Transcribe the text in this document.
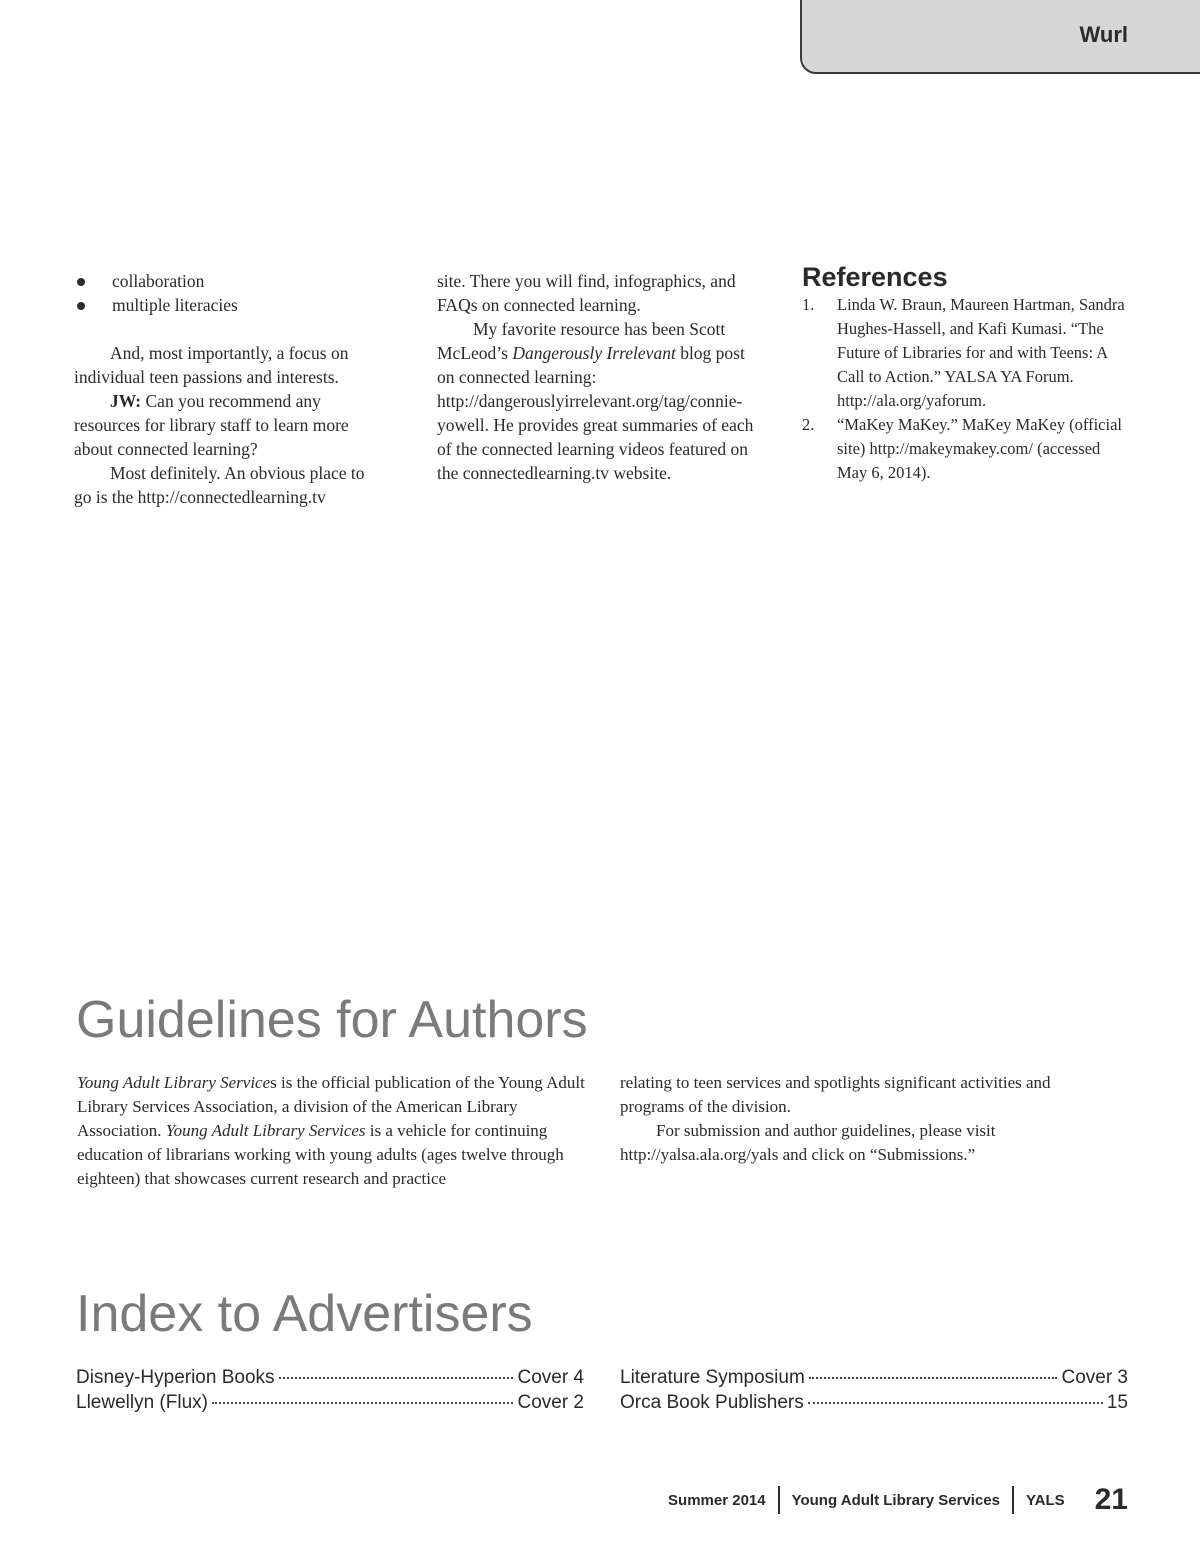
Wurl
collaboration
multiple literacies

And, most importantly, a focus on individual teen passions and interests.

JW: Can you recommend any resources for library staff to learn more about connected learning?

Most definitely. An obvious place to go is the http://connectedlearning.tv

site. There you will find, infographics, and FAQs on connected learning.

My favorite resource has been Scott McLeod’s Dangerously Irrelevant blog post on connected learning: http://dangerouslyirrelevant.org/tag/connie-yowell. He provides great summaries of each of the connected learning videos featured on the connectedlearning.tv website.

References
1. Linda W. Braun, Maureen Hartman, Sandra Hughes-Hassell, and Kafi Kumasi. “The Future of Libraries for and with Teens: A Call to Action.” YALSA YA Forum. http://ala.org/yaforum.
2. “MaKey MaKey.” MaKey MaKey (official site) http://makeymakey.com/ (accessed May 6, 2014).
Guidelines for Authors

Young Adult Library Services is the official publication of the Young Adult Library Services Association, a division of the American Library Association. Young Adult Library Services is a vehicle for continuing education of librarians working with young adults (ages twelve through eighteen) that showcases current research and practice

relating to teen services and spotlights significant activities and programs of the division.

For submission and author guidelines, please visit http://yalsa.ala.org/yals and click on “Submissions.”

Index to Advertisers
Disney-Hyperion Books	Cover 4
Llewellyn (Flux)	Cover 2
Literature Symposium	Cover 3
Orca Book Publishers	15
Summer 2014 Young Adult Library Services YALS 21
